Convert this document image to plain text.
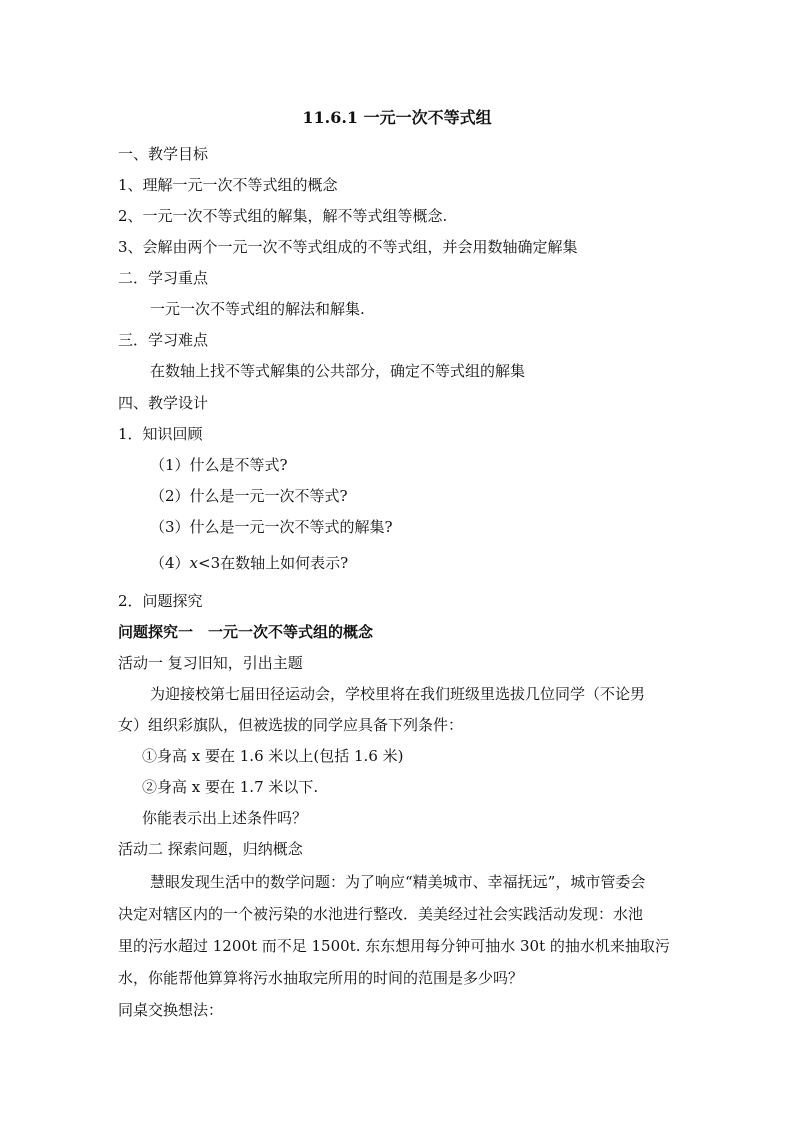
11.6.1 一元一次不等式组
一、教学目标
1、理解一元一次不等式组的概念
2、一元一次不等式组的解集，解不等式组等概念.
3、会解由两个一元一次不等式组成的不等式组，并会用数轴确定解集
二．学习重点
一元一次不等式组的解法和解集.
三．学习难点
在数轴上找不等式解集的公共部分，确定不等式组的解集
四、教学设计
1．知识回顾
（1）什么是不等式?
（2）什么是一元一次不等式?
（3）什么是一元一次不等式的解集?
（4）x<3在数轴上如何表示?
2．问题探究
问题探究一　一元一次不等式组的概念
活动一 复习旧知，引出主题
为迎接校第七届田径运动会，学校里将在我们班级里选拔几位同学（不论男
女）组织彩旗队，但被选拔的同学应具备下列条件：
①身高 x 要在 1.6 米以上(包括 1.6 米)
②身高 x 要在 1.7 米以下.
你能表示出上述条件吗？
活动二 探索问题，归纳概念
慧眼发现生活中的数学问题：为了响应“精美城市、幸福抚远”，城市管委会
决定对辖区内的一个被污染的水池进行整改．美美经过社会实践活动发现：水池
里的污水超过 1200t 而不足 1500t. 东东想用每分钟可抽水 30t 的抽水机来抽取污
水，你能帮他算算将污水抽取完所用的时间的范围是多少吗？
同桌交换想法：
